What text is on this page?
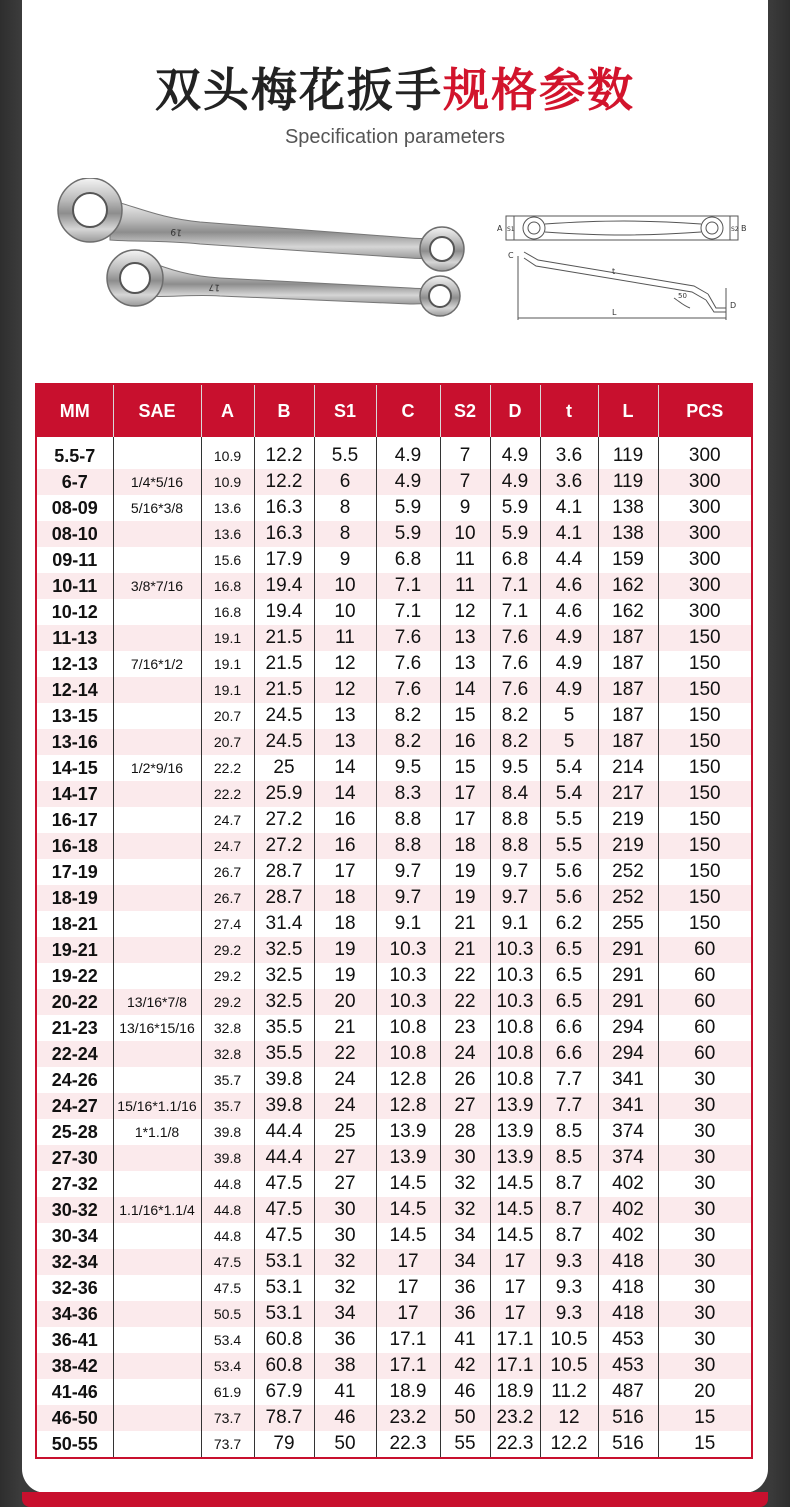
双头梅花扳手规格参数
Specification parameters
19
17
A S1	S2 B
C
t
50
L
D
MM	SAE	A	B	S1	C	S2	D	t	L	PCS
5.5-7		10.9	12.2	5.5	4.9	7	4.9	3.6	119	300
6-7	1/4*5/16	10.9	12.2	6	4.9	7	4.9	3.6	119	300
08-09	5/16*3/8	13.6	16.3	8	5.9	9	5.9	4.1	138	300
08-10		13.6	16.3	8	5.9	10	5.9	4.1	138	300
09-11		15.6	17.9	9	6.8	11	6.8	4.4	159	300
10-11	3/8*7/16	16.8	19.4	10	7.1	11	7.1	4.6	162	300
10-12		16.8	19.4	10	7.1	12	7.1	4.6	162	300
11-13		19.1	21.5	11	7.6	13	7.6	4.9	187	150
12-13	7/16*1/2	19.1	21.5	12	7.6	13	7.6	4.9	187	150
12-14		19.1	21.5	12	7.6	14	7.6	4.9	187	150
13-15		20.7	24.5	13	8.2	15	8.2	5	187	150
13-16		20.7	24.5	13	8.2	16	8.2	5	187	150
14-15	1/2*9/16	22.2	25	14	9.5	15	9.5	5.4	214	150
14-17		22.2	25.9	14	8.3	17	8.4	5.4	217	150
16-17		24.7	27.2	16	8.8	17	8.8	5.5	219	150
16-18		24.7	27.2	16	8.8	18	8.8	5.5	219	150
17-19		26.7	28.7	17	9.7	19	9.7	5.6	252	150
18-19		26.7	28.7	18	9.7	19	9.7	5.6	252	150
18-21		27.4	31.4	18	9.1	21	9.1	6.2	255	150
19-21		29.2	32.5	19	10.3	21	10.3	6.5	291	60
19-22		29.2	32.5	19	10.3	22	10.3	6.5	291	60
20-22	13/16*7/8	29.2	32.5	20	10.3	22	10.3	6.5	291	60
21-23	13/16*15/16	32.8	35.5	21	10.8	23	10.8	6.6	294	60
22-24		32.8	35.5	22	10.8	24	10.8	6.6	294	60
24-26		35.7	39.8	24	12.8	26	10.8	7.7	341	30
24-27	15/16*1.1/16	35.7	39.8	24	12.8	27	13.9	7.7	341	30
25-28	1*1.1/8	39.8	44.4	25	13.9	28	13.9	8.5	374	30
27-30		39.8	44.4	27	13.9	30	13.9	8.5	374	30
27-32		44.8	47.5	27	14.5	32	14.5	8.7	402	30
30-32	1.1/16*1.1/4	44.8	47.5	30	14.5	32	14.5	8.7	402	30
30-34		44.8	47.5	30	14.5	34	14.5	8.7	402	30
32-34		47.5	53.1	32	17	34	17	9.3	418	30
32-36		47.5	53.1	32	17	36	17	9.3	418	30
34-36		50.5	53.1	34	17	36	17	9.3	418	30
36-41		53.4	60.8	36	17.1	41	17.1	10.5	453	30
38-42		53.4	60.8	38	17.1	42	17.1	10.5	453	30
41-46		61.9	67.9	41	18.9	46	18.9	11.2	487	20
46-50		73.7	78.7	46	23.2	50	23.2	12	516	15
50-55		73.7	79	50	22.3	55	22.3	12.2	516	15
